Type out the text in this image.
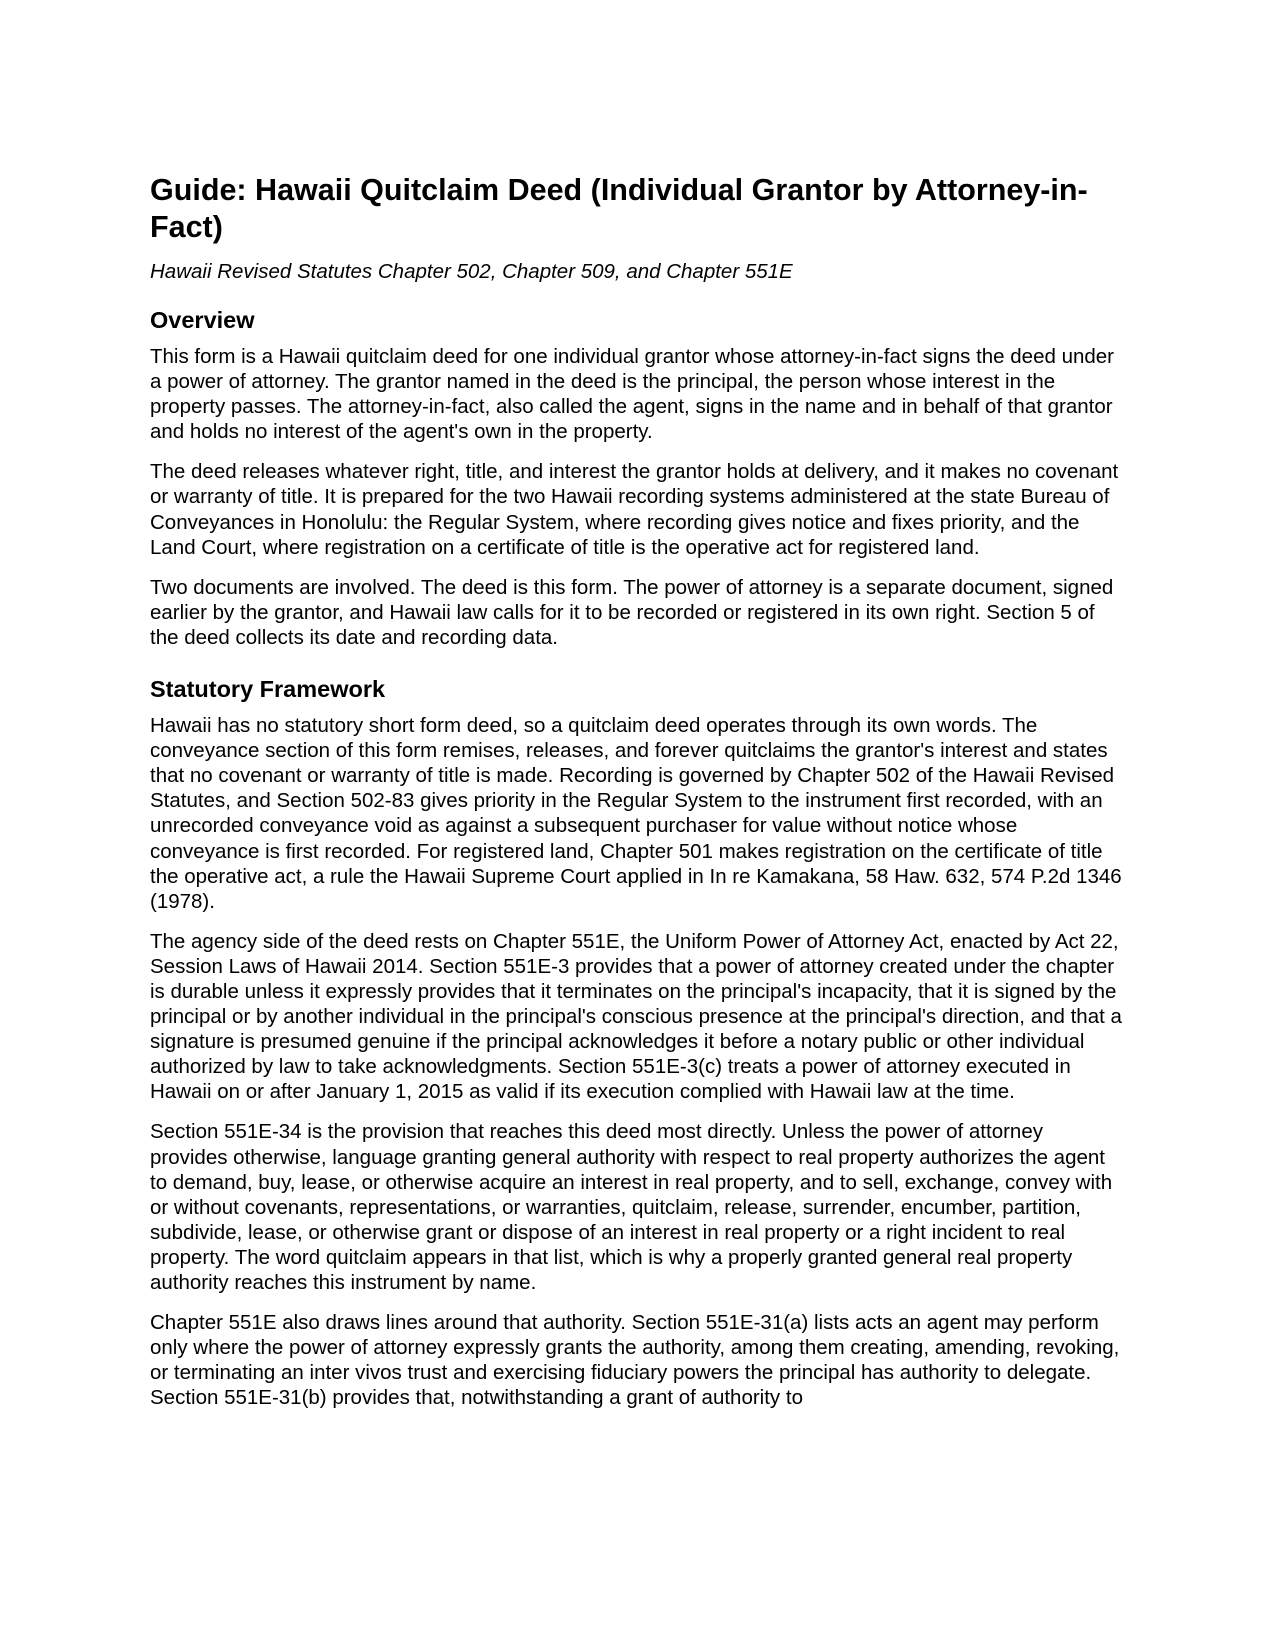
Guide: Hawaii Quitclaim Deed (Individual Grantor by Attorney-in-Fact)
Hawaii Revised Statutes Chapter 502, Chapter 509, and Chapter 551E
Overview

This form is a Hawaii quitclaim deed for one individual grantor whose attorney-in-fact signs the deed under a power of attorney. The grantor named in the deed is the principal, the person whose interest in the property passes. The attorney-in-fact, also called the agent, signs in the name and in behalf of that grantor and holds no interest of the agent's own in the property.

The deed releases whatever right, title, and interest the grantor holds at delivery, and it makes no covenant or warranty of title. It is prepared for the two Hawaii recording systems administered at the state Bureau of Conveyances in Honolulu: the Regular System, where recording gives notice and fixes priority, and the Land Court, where registration on a certificate of title is the operative act for registered land.

Two documents are involved. The deed is this form. The power of attorney is a separate document, signed earlier by the grantor, and Hawaii law calls for it to be recorded or registered in its own right. Section 5 of the deed collects its date and recording data.

Statutory Framework

Hawaii has no statutory short form deed, so a quitclaim deed operates through its own words. The conveyance section of this form remises, releases, and forever quitclaims the grantor's interest and states that no covenant or warranty of title is made. Recording is governed by Chapter 502 of the Hawaii Revised Statutes, and Section 502-83 gives priority in the Regular System to the instrument first recorded, with an unrecorded conveyance void as against a subsequent purchaser for value without notice whose conveyance is first recorded. For registered land, Chapter 501 makes registration on the certificate of title the operative act, a rule the Hawaii Supreme Court applied in In re Kamakana, 58 Haw. 632, 574 P.2d 1346 (1978).

The agency side of the deed rests on Chapter 551E, the Uniform Power of Attorney Act, enacted by Act 22, Session Laws of Hawaii 2014. Section 551E-3 provides that a power of attorney created under the chapter is durable unless it expressly provides that it terminates on the principal's incapacity, that it is signed by the principal or by another individual in the principal's conscious presence at the principal's direction, and that a signature is presumed genuine if the principal acknowledges it before a notary public or other individual authorized by law to take acknowledgments. Section 551E-3(c) treats a power of attorney executed in Hawaii on or after January 1, 2015 as valid if its execution complied with Hawaii law at the time.

Section 551E-34 is the provision that reaches this deed most directly. Unless the power of attorney provides otherwise, language granting general authority with respect to real property authorizes the agent to demand, buy, lease, or otherwise acquire an interest in real property, and to sell, exchange, convey with or without covenants, representations, or warranties, quitclaim, release, surrender, encumber, partition, subdivide, lease, or otherwise grant or dispose of an interest in real property or a right incident to real property. The word quitclaim appears in that list, which is why a properly granted general real property authority reaches this instrument by name.

Chapter 551E also draws lines around that authority. Section 551E-31(a) lists acts an agent may perform only where the power of attorney expressly grants the authority, among them creating, amending, revoking, or terminating an inter vivos trust and exercising fiduciary powers the principal has authority to delegate. Section 551E-31(b) provides that, notwithstanding a grant of authority to
